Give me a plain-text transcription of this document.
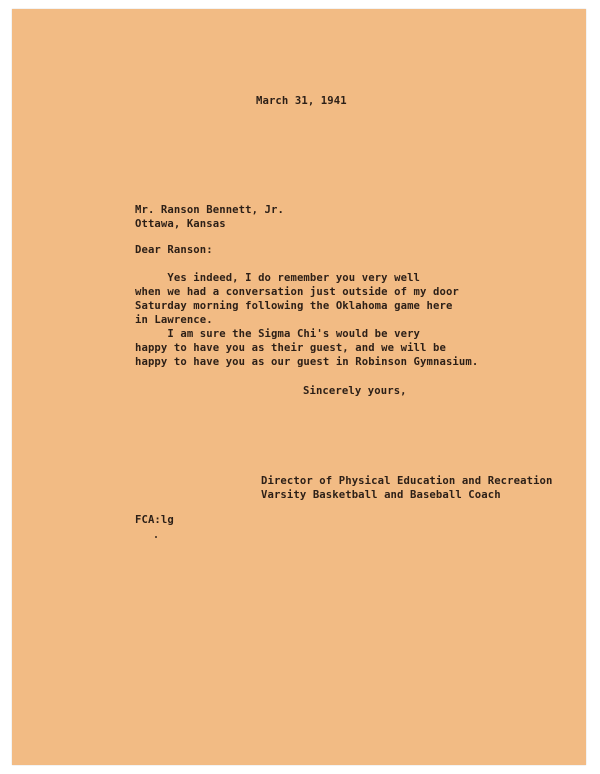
March 31, 1941
Mr. Ranson Bennett, Jr.
Ottawa, Kansas
Dear Ranson:
Yes indeed, I do remember you very well
when we had a conversation just outside of my door
Saturday morning following the Oklahoma game here
in Lawrence.
I am sure the Sigma Chi's would be very
happy to have you as their guest, and we will be
happy to have you as our guest in Robinson Gymnasium.
Sincerely yours,
Director of Physical Education and Recreation
Varsity Basketball and Baseball Coach
FCA:lg
